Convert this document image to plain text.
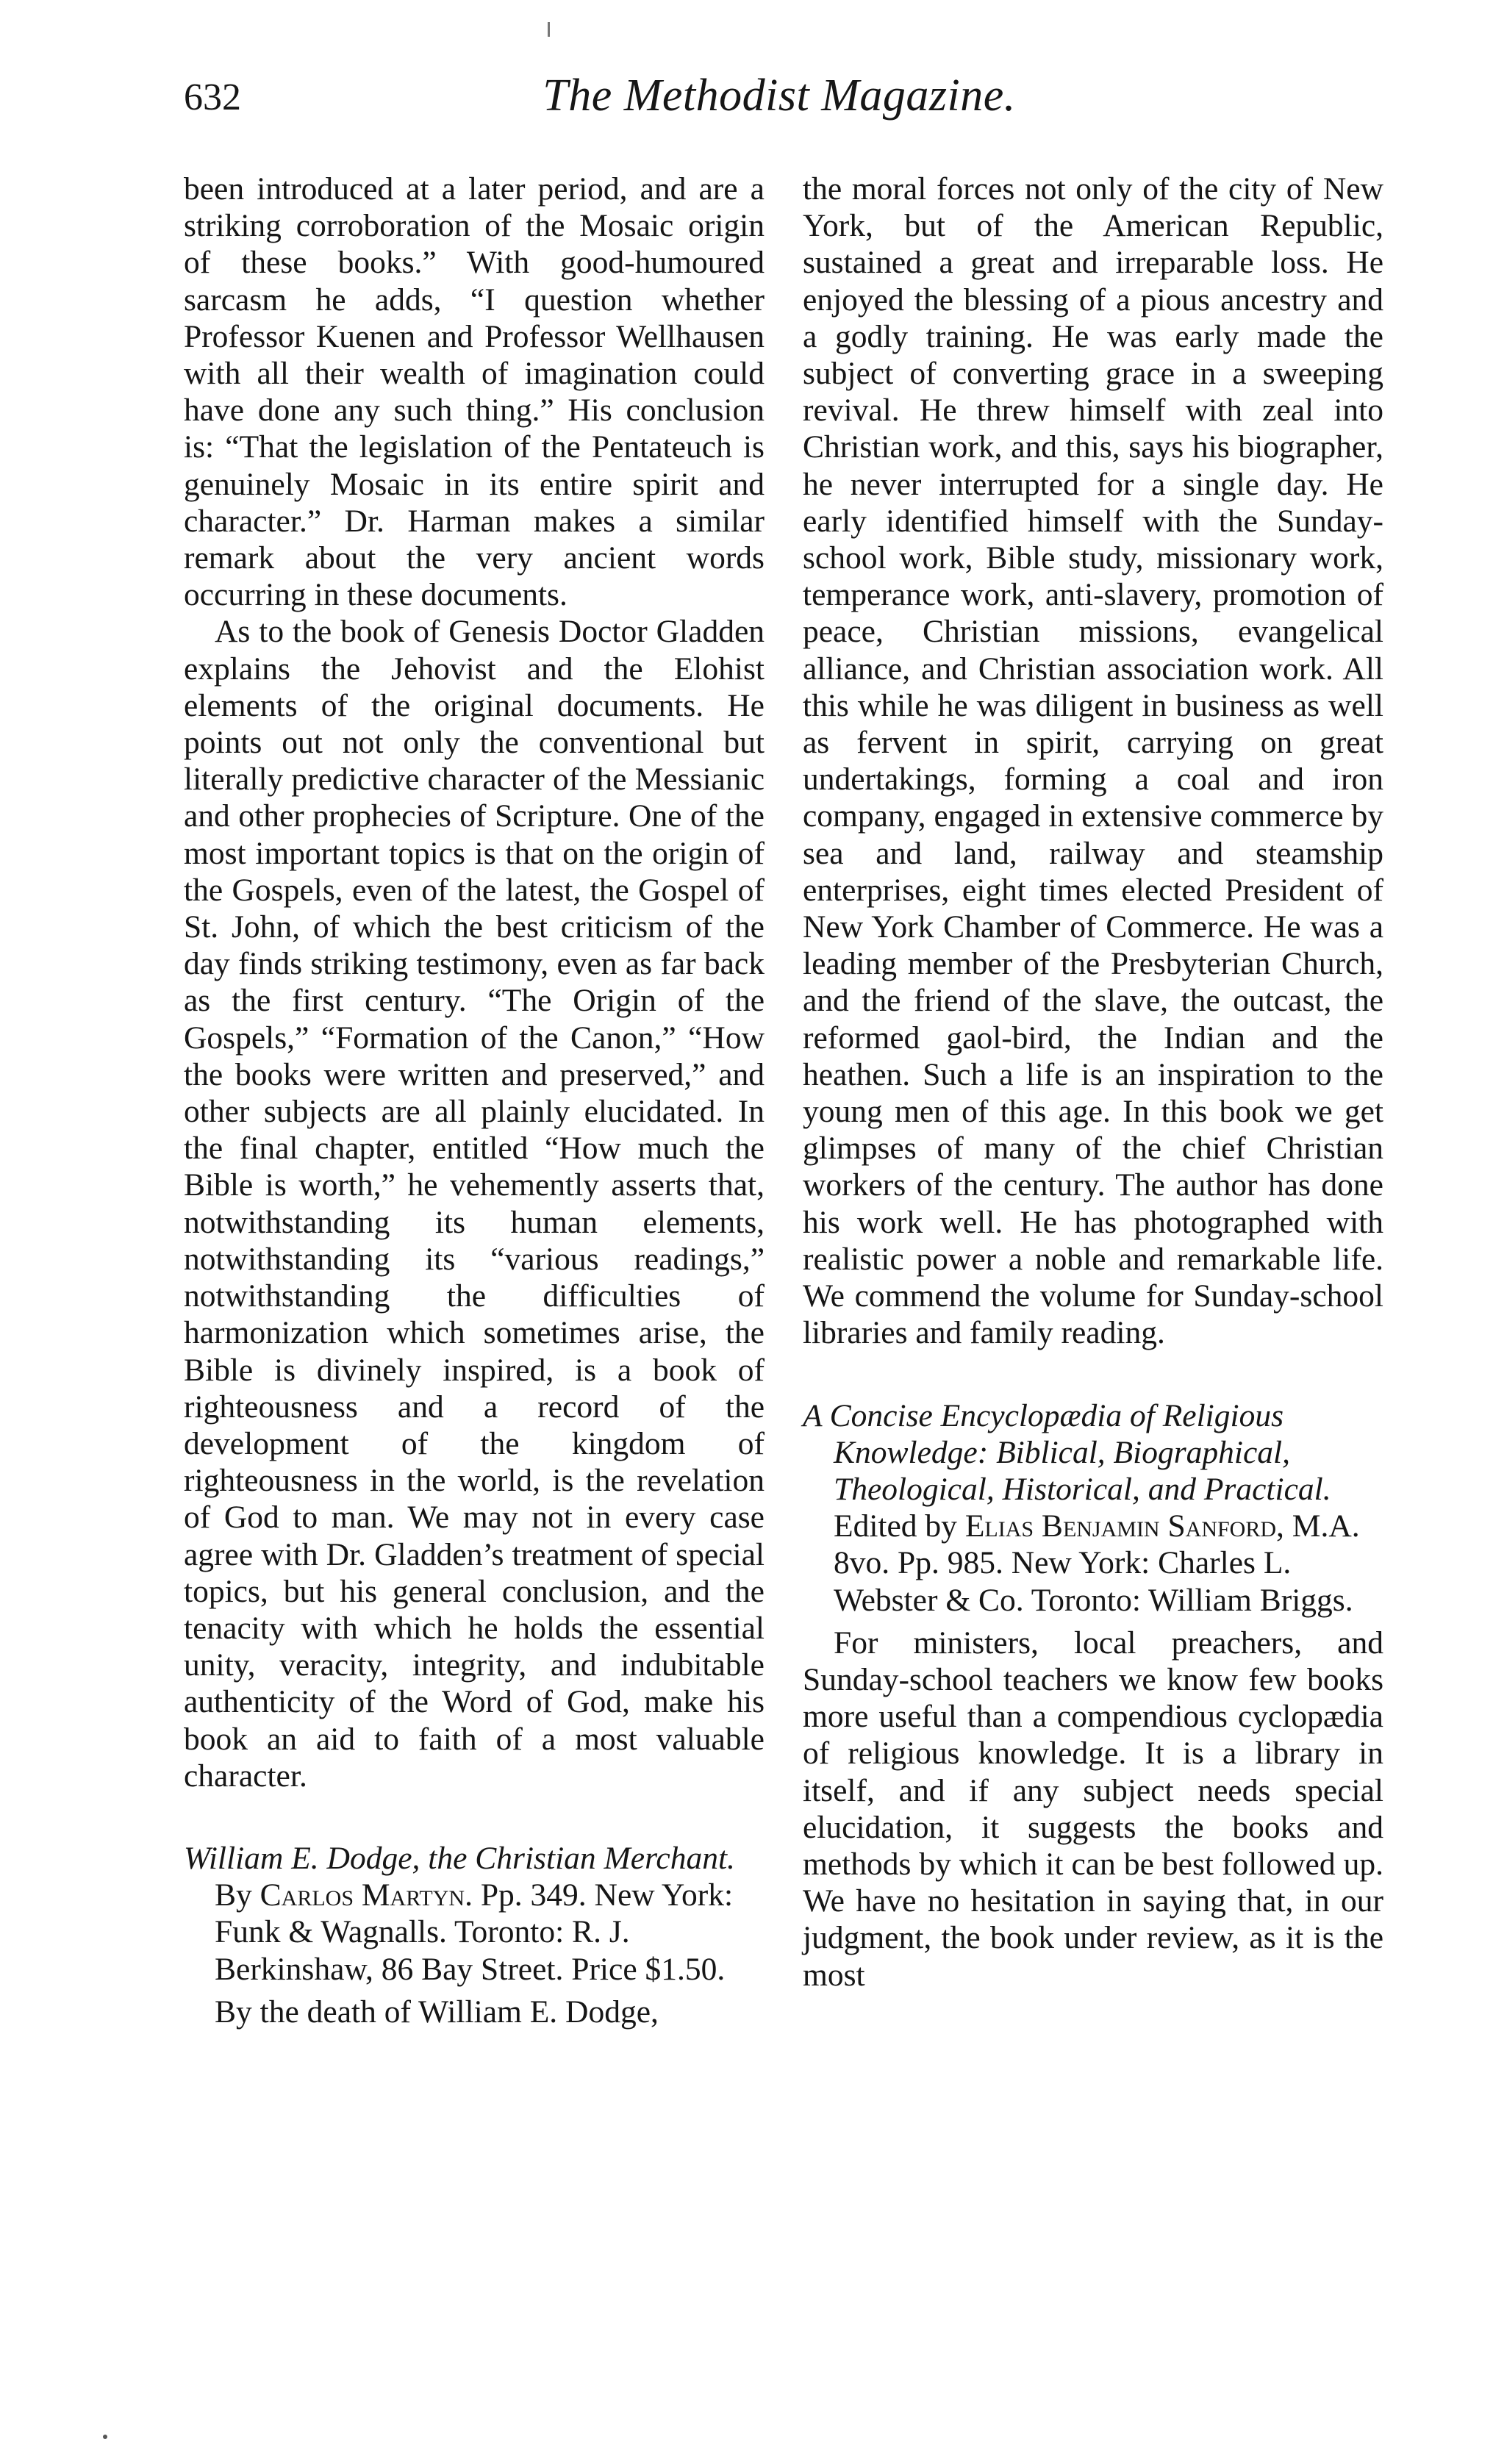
632	The Methodist Magazine.

been introduced at a later period, and are a striking corroboration of the Mosaic origin of these books.” With good-humoured sarcasm he adds, “I question whether Professor Kuenen and Professor Wellhausen with all their wealth of imagination could have done any such thing.” His conclusion is: “That the legislation of the Pentateuch is genuinely Mosaic in its entire spirit and character.” Dr. Harman makes a similar remark about the very ancient words occurring in these documents.

As to the book of Genesis Doctor Gladden explains the Jehovist and the Elohist elements of the original documents. He points out not only the conventional but literally predictive character of the Messianic and other prophecies of Scripture. One of the most important topics is that on the origin of the Gospels, even of the latest, the Gospel of St. John, of which the best criticism of the day finds striking testimony, even as far back as the first century. “The Origin of the Gospels,” “Formation of the Canon,” “How the books were written and preserved,” and other subjects are all plainly elucidated. In the final chapter, entitled “How much the Bible is worth,” he vehemently asserts that, notwithstanding its human elements, notwithstanding its “various readings,” notwithstanding the difficulties of harmonization which sometimes arise, the Bible is divinely inspired, is a book of righteousness and a record of the development of the kingdom of righteousness in the world, is the revelation of God to man. We may not in every case agree with Dr. Gladden’s treatment of special topics, but his general conclusion, and the tenacity with which he holds the essential unity, veracity, integrity, and indubitable authenticity of the Word of God, make his book an aid to faith of a most valuable character.

William E. Dodge, the Christian Merchant. By Carlos Martyn. Pp. 349. New York: Funk & Wagnalls. Toronto: R. J. Berkinshaw, 86 Bay Street. Price $1.50.

By the death of William E. Dodge,

the moral forces not only of the city of New York, but of the American Republic, sustained a great and irreparable loss. He enjoyed the blessing of a pious ancestry and a godly training. He was early made the subject of converting grace in a sweeping revival. He threw himself with zeal into Christian work, and this, says his biographer, he never interrupted for a single day. He early identified himself with the Sunday-school work, Bible study, missionary work, temperance work, anti-slavery, promotion of peace, Christian missions, evangelical alliance, and Christian association work. All this while he was diligent in business as well as fervent in spirit, carrying on great undertakings, forming a coal and iron company, engaged in extensive commerce by sea and land, railway and steamship enterprises, eight times elected President of New York Chamber of Commerce. He was a leading member of the Presbyterian Church, and the friend of the slave, the outcast, the reformed gaol-bird, the Indian and the heathen. Such a life is an inspiration to the young men of this age. In this book we get glimpses of many of the chief Christian workers of the century. The author has done his work well. He has photographed with realistic power a noble and remarkable life. We commend the volume for Sunday-school libraries and family reading.

A Concise Encyclopædia of Religious Knowledge: Biblical, Biographical, Theological, Historical, and Practical. Edited by Elias Benjamin Sanford, M.A. 8vo. Pp. 985. New York: Charles L. Webster & Co. Toronto: William Briggs.

For ministers, local preachers, and Sunday-school teachers we know few books more useful than a compendious cyclopædia of religious knowledge. It is a library in itself, and if any subject needs special elucidation, it suggests the books and methods by which it can be best followed up. We have no hesitation in saying that, in our judgment, the book under review, as it is the most
